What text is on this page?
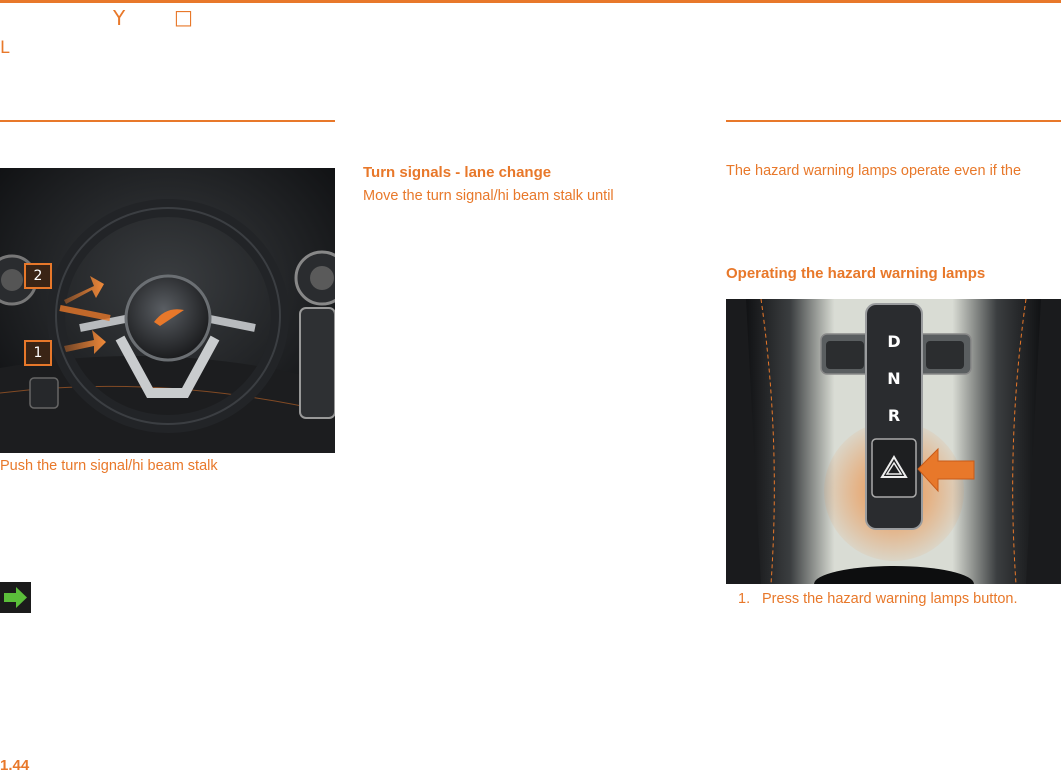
Y □
L
2
1
Push the turn signal/hi beam stalk
Turn signals - lane change
Move the turn signal/hi beam stalk until
The hazard warning lamps operate even if the
Operating the hazard warning lamps
D
N
R
1. Press the hazard warning lamps button.
1.44
